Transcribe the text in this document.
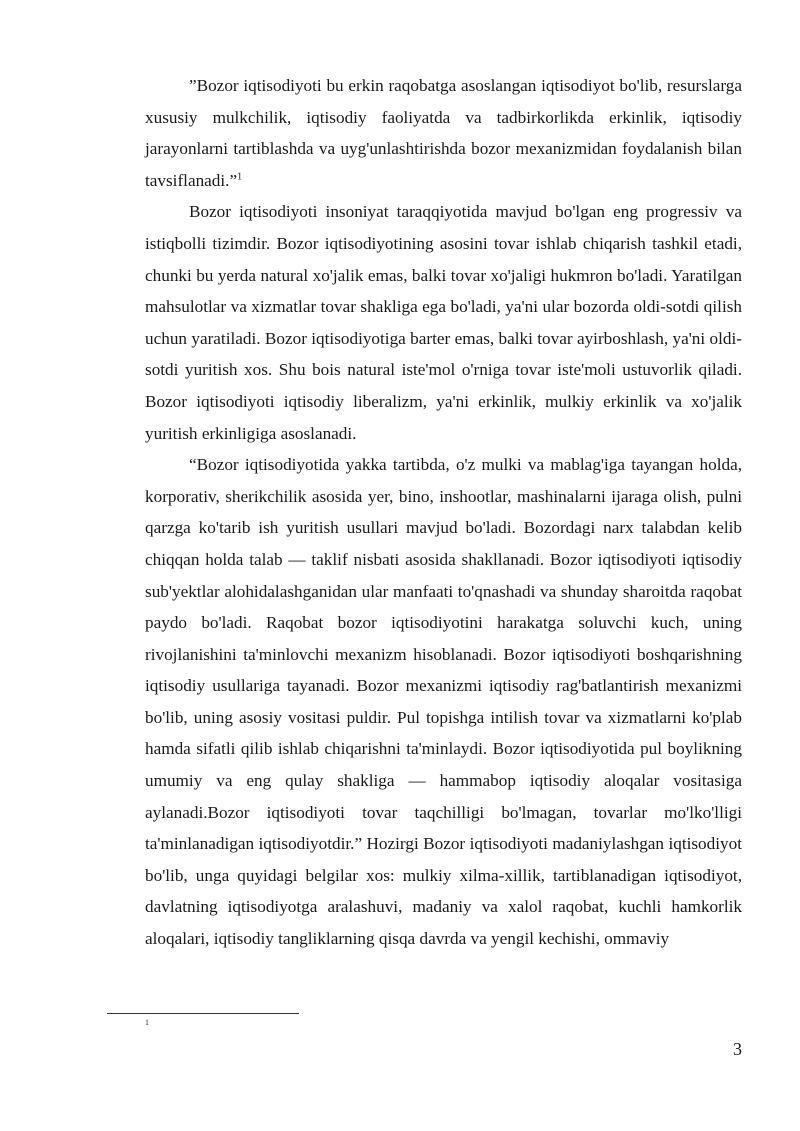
”Bozor iqtisodiyoti bu erkin raqobatga asoslangan iqtisodiyot bo'lib, resurslarga xususiy mulkchilik, iqtisodiy faoliyatda va tadbirkorlikda erkinlik, iqtisodiy jarayonlarni tartiblashda va uyg'unlashtirishda bozor mexanizmidan foydalanish bilan tavsiflanadi.”$^1$

Bozor iqtisodiyoti insoniyat taraqqiyotida mavjud bo'lgan eng progressiv va istiqbolli tizimdir. Bozor iqtisodiyotining asosini tovar ishlab chiqarish tashkil etadi, chunki bu yerda natural xo'jalik emas, balki tovar xo'jaligi hukmron bo'ladi. Yaratilgan mahsulotlar va xizmatlar tovar shakliga ega bo'ladi, ya'ni ular bozorda oldi-sotdi qilish uchun yaratiladi. Bozor iqtisodiyotiga barter emas, balki tovar ayirboshlash, ya'ni oldi-sotdi yuritish xos. Shu bois natural iste'mol o'rniga tovar iste'moli ustuvorlik qiladi. Bozor iqtisodiyoti iqtisodiy liberalizm, ya'ni erkinlik, mulkiy erkinlik va xo'jalik yuritish erkinligiga asoslanadi.

“Bozor iqtisodiyotida yakka tartibda, o'z mulki va mablag'iga tayangan holda, korporativ, sherikchilik asosida yer, bino, inshootlar, mashinalarni ijaraga olish, pulni qarzga ko'tarib ish yuritish usullari mavjud bo'ladi. Bozordagi narx talabdan kelib chiqqan holda talab — taklif nisbati asosida shakllanadi. Bozor iqtisodiyoti iqtisodiy sub'yektlar alohidalashganidan ular manfaati to'qnashadi va shunday sharoitda raqobat paydo bo'ladi. Raqobat bozor iqtisodiyotini harakatga soluvchi kuch, uning rivojlanishini ta'minlovchi mexanizm hisoblanadi. Bozor iqtisodiyoti boshqarishning iqtisodiy usullariga tayanadi. Bozor mexanizmi iqtisodiy rag'batlantirish mexanizmi bo'lib, uning asosiy vositasi puldir. Pul topishga intilish tovar va xizmatlarni ko'plab hamda sifatli qilib ishlab chiqarishni ta'minlaydi. Bozor iqtisodiyotida pul boylikning umumiy va eng qulay shakliga — hammabop iqtisodiy aloqalar vositasiga aylanadi.Bozor iqtisodiyoti tovar taqchilligi bo'lmagan, tovarlar mo'lko'lligi ta'minlanadigan iqtisodiyotdir.” Hozirgi Bozor iqtisodiyoti madaniylashgan iqtisodiyot bo'lib, unga quyidagi belgilar xos: mulkiy xilma-xillik, tartiblanadigan iqtisodiyot, davlatning iqtisodiyotga aralashuvi, madaniy va xalol raqobat, kuchli hamkorlik aloqalari, iqtisodiy tangliklarning qisqa davrda va yengil kechishi, ommaviy

1
3
